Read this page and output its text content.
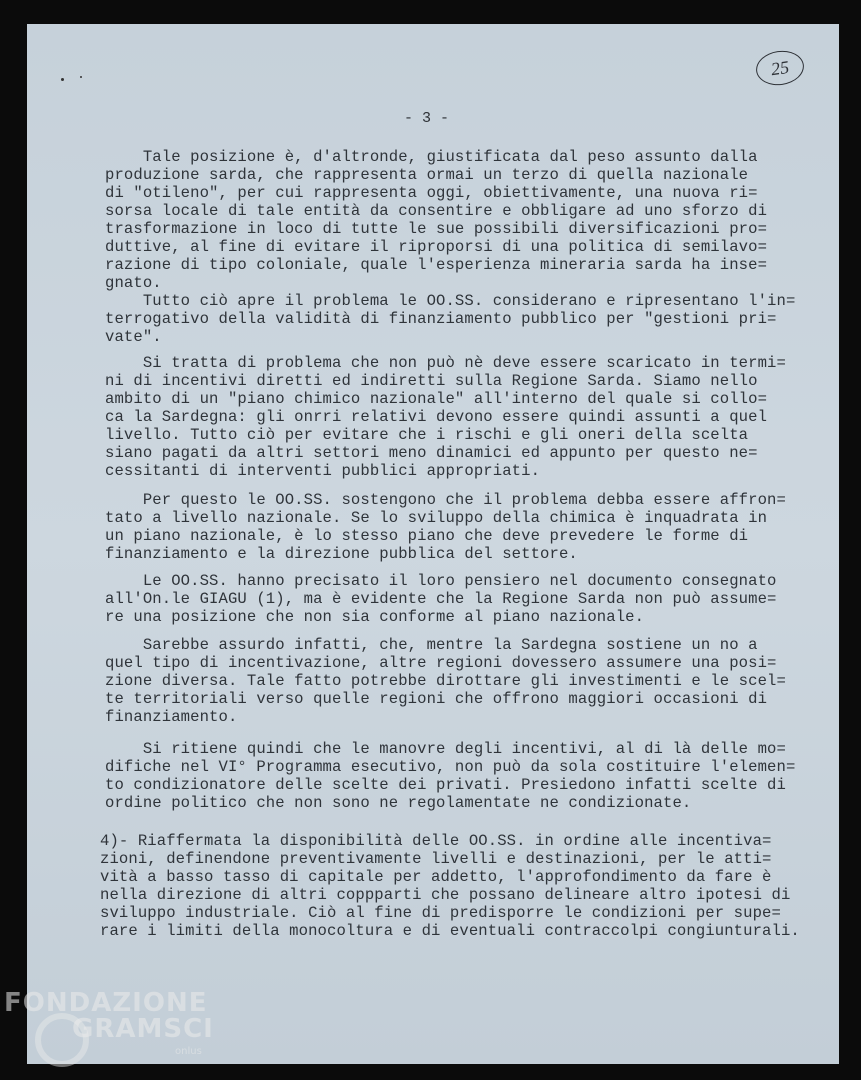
25
- 3 -
Tale posizione è, d'altronde, giustificata dal peso assunto dalla
produzione sarda, che rappresenta ormai un terzo di quella nazionale
di "otileno", per cui rappresenta oggi, obiettivamente, una nuova ri=
sorsa locale di tale entità da consentire e obbligare ad uno sforzo di
trasformazione in loco di tutte le sue possibili diversificazioni pro=
duttive, al fine di evitare il riproporsi di una politica di semilavo=
razione di tipo coloniale, quale l'esperienza mineraria sarda ha inse=
gnato.
Tutto ciò apre il problema le OO.SS. considerano e ripresentano l'in=
terrogativo della validità di finanziamento pubblico per "gestioni pri=
vate".
Si tratta di problema che non può nè deve essere scaricato in termi=
ni di incentivi diretti ed indiretti sulla Regione Sarda. Siamo nello
ambito di un "piano chimico nazionale" all'interno del quale si collo=
ca la Sardegna: gli onrri relativi devono essere quindi assunti a quel
livello. Tutto ciò per evitare che i rischi e gli oneri della scelta
siano pagati da altri settori meno dinamici ed appunto per questo ne=
cessitanti di interventi pubblici appropriati.
Per questo le OO.SS. sostengono che il problema debba essere affron=
tato a livello nazionale. Se lo sviluppo della chimica è inquadrata in
un piano nazionale, è lo stesso piano che deve prevedere le forme di
finanziamento e la direzione pubblica del settore.
Le OO.SS. hanno precisato il loro pensiero nel documento consegnato
all'On.le GIAGU (1), ma è evidente che la Regione Sarda non può assume=
re una posizione che non sia conforme al piano nazionale.
Sarebbe assurdo infatti, che, mentre la Sardegna sostiene un no a
quel tipo di incentivazione, altre regioni dovessero assumere una posi=
zione diversa. Tale fatto potrebbe dirottare gli investimenti e le scel=
te territoriali verso quelle regioni che offrono maggiori occasioni di
finanziamento.
Si ritiene quindi che le manovre degli incentivi, al di là delle mo=
difiche nel VI° Programma esecutivo, non può da sola costituire l'elemen=
to condizionatore delle scelte dei privati. Presiedono infatti scelte di
ordine politico che non sono ne regolamentate ne condizionate.
4)- Riaffermata la disponibilità delle OO.SS. in ordine alle incentiva=
zioni, definendone preventivamente livelli e destinazioni, per le atti=
vità a basso tasso di capitale per addetto, l'approfondimento da fare è
nella direzione di altri coppparti che possano delineare altro ipotesi di
sviluppo industriale. Ciò al fine di predisporre le condizioni per supe=
rare i limiti della monocoltura e di eventuali contraccolpi congiunturali.
FONDAZIONE
GRAMSCI
onlus
